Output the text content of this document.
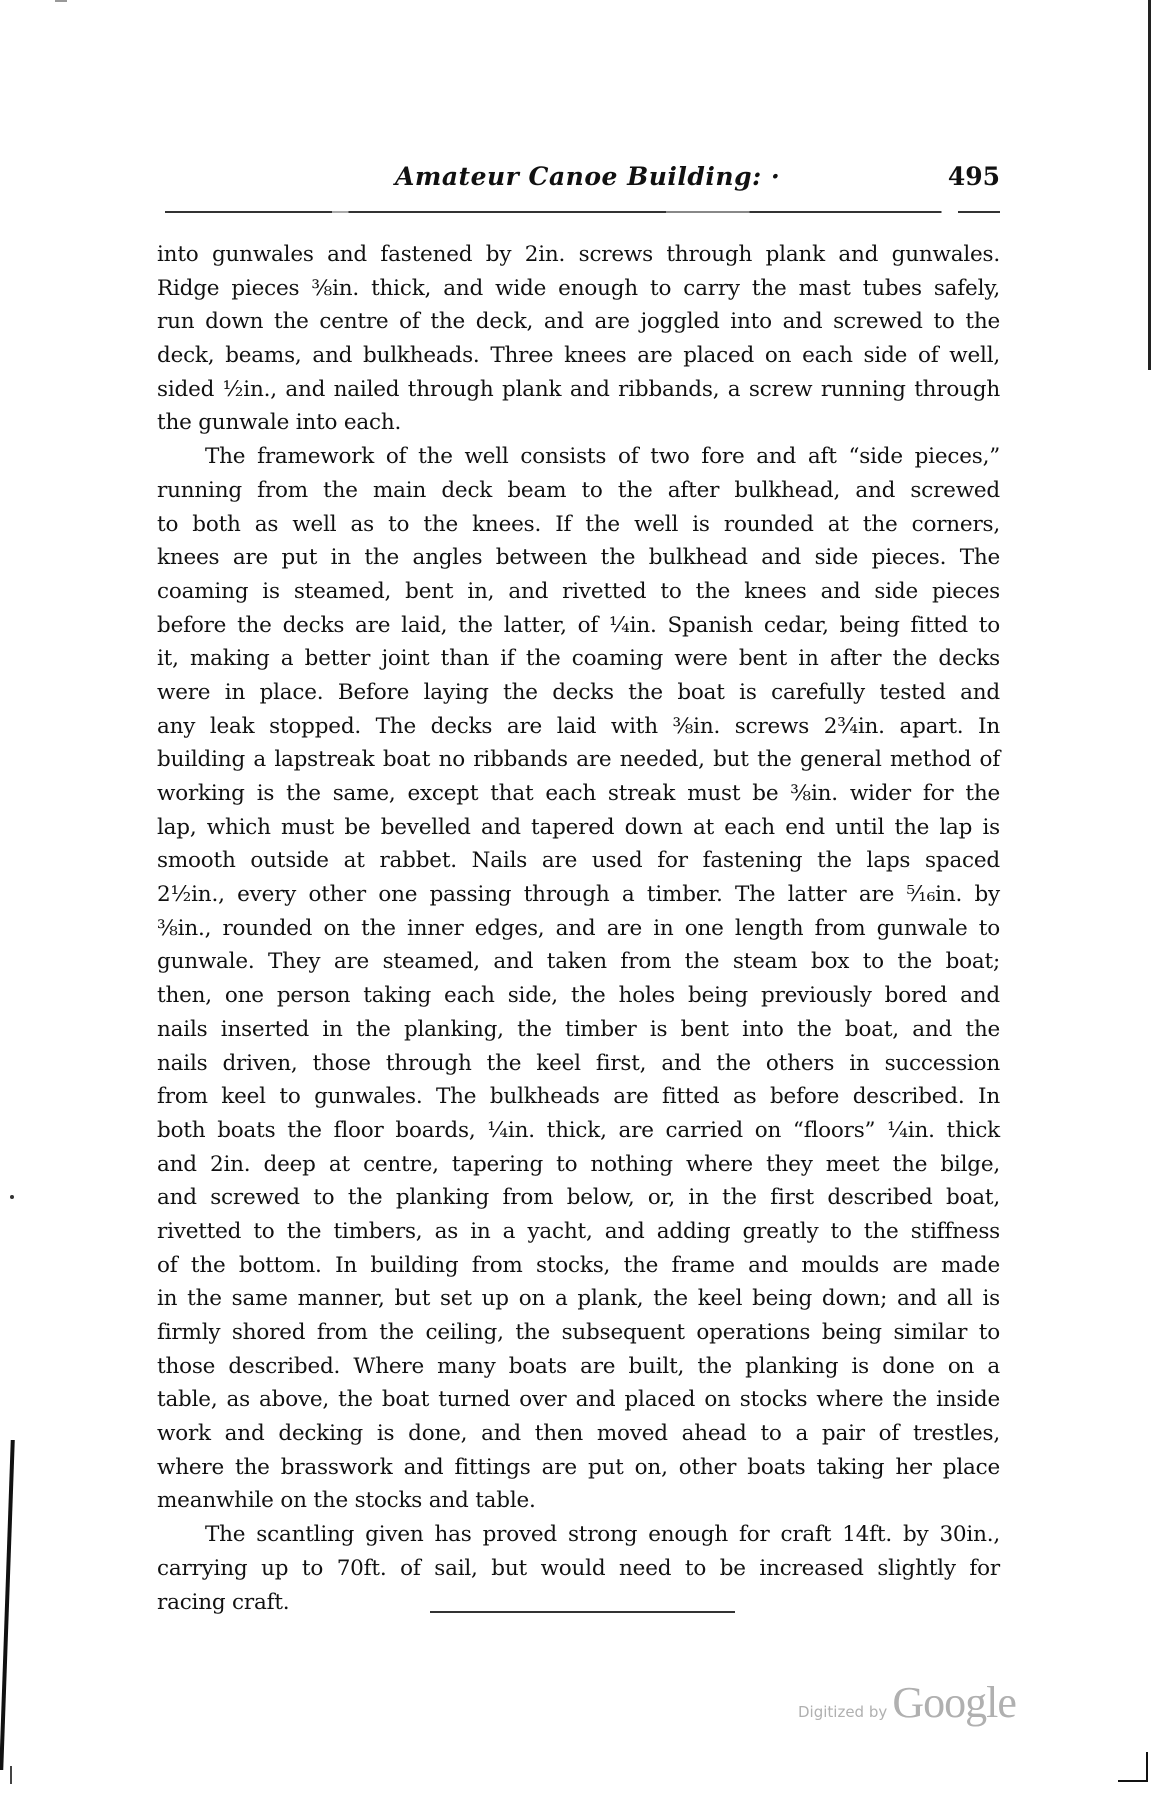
Amateur Canoe Building: ·	495
into gunwales and fastened by 2in. screws through plank and gunwales.
Ridge pieces ⅜in. thick, and wide enough to carry the mast tubes safely,
run down the centre of the deck, and are joggled into and screwed to the
deck, beams, and bulkheads. Three knees are placed on each side of well,
sided ½in., and nailed through plank and ribbands, a screw running through
the gunwale into each.
The framework of the well consists of two fore and aft “side pieces,”
running from the main deck beam to the after bulkhead, and screwed
to both as well as to the knees. If the well is rounded at the corners,
knees are put in the angles between the bulkhead and side pieces. The
coaming is steamed, bent in, and rivetted to the knees and side pieces
before the decks are laid, the latter, of ¼in. Spanish cedar, being fitted to
it, making a better joint than if the coaming were bent in after the decks
were in place. Before laying the decks the boat is carefully tested and
any leak stopped. The decks are laid with ⅜in. screws 2¾in. apart. In
building a lapstreak boat no ribbands are needed, but the general method of
working is the same, except that each streak must be ⅜in. wider for the
lap, which must be bevelled and tapered down at each end until the lap is
smooth outside at rabbet. Nails are used for fastening the laps spaced
2½in., every other one passing through a timber. The latter are ⁵⁄₁₆in. by
⅜in., rounded on the inner edges, and are in one length from gunwale to
gunwale. They are steamed, and taken from the steam box to the boat;
then, one person taking each side, the holes being previously bored and
nails inserted in the planking, the timber is bent into the boat, and the
nails driven, those through the keel first, and the others in succession
from keel to gunwales. The bulkheads are fitted as before described. In
both boats the floor boards, ¼in. thick, are carried on “floors” ¼in. thick
and 2in. deep at centre, tapering to nothing where they meet the bilge,
and screwed to the planking from below, or, in the first described boat,
rivetted to the timbers, as in a yacht, and adding greatly to the stiffness
of the bottom. In building from stocks, the frame and moulds are made
in the same manner, but set up on a plank, the keel being down; and all is
firmly shored from the ceiling, the subsequent operations being similar to
those described. Where many boats are built, the planking is done on a
table, as above, the boat turned over and placed on stocks where the inside
work and decking is done, and then moved ahead to a pair of trestles,
where the brasswork and fittings are put on, other boats taking her place
meanwhile on the stocks and table.
The scantling given has proved strong enough for craft 14ft. by 30in.,
carrying up to 70ft. of sail, but would need to be increased slightly for
racing craft.
Digitized by Google
